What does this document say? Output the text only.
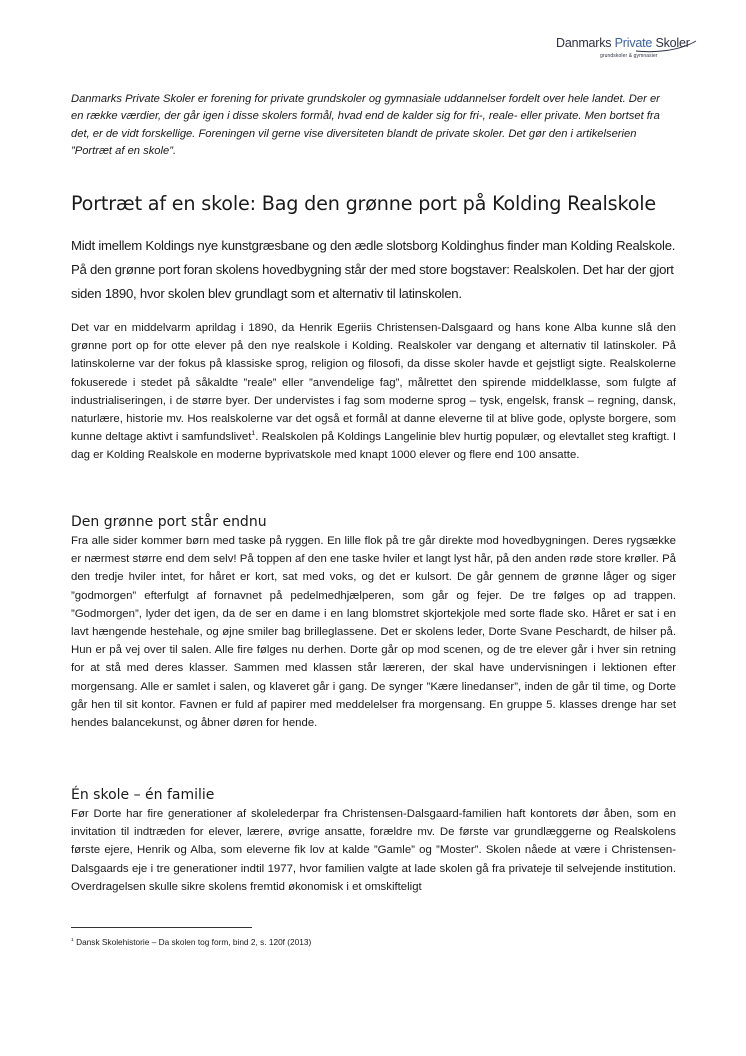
Danmarks Private Skoler
grundskoler & gymnasier

Danmarks Private Skoler er forening for private grundskoler og gymnasiale uddannelser fordelt over hele landet. Der er en række værdier, der går igen i disse skolers formål, hvad end de kalder sig for fri-, reale- eller private. Men bortset fra det, er de vidt forskellige. Foreningen vil gerne vise diversiteten blandt de private skoler. Det gør den i artikelserien ”Portræt af en skole”.

Portræt af en skole: Bag den grønne port på Kolding Realskole

Midt imellem Koldings nye kunstgræsbane og den ædle slotsborg Koldinghus finder man Kolding Realskole. På den grønne port foran skolens hovedbygning står der med store bogstaver: Realskolen. Det har der gjort siden 1890, hvor skolen blev grundlagt som et alternativ til latinskolen.

Det var en middelvarm aprildag i 1890, da Henrik Egeriis Christensen-Dalsgaard og hans kone Alba kunne slå den grønne port op for otte elever på den nye realskole i Kolding. Realskoler var dengang et alternativ til latinskoler. På latinskolerne var der fokus på klassiske sprog, religion og filosofi, da disse skoler havde et gejstligt sigte. Realskolerne fokuserede i stedet på såkaldte ”reale” eller ”anvendelige fag”, målrettet den spirende middelklasse, som fulgte af industrialiseringen, i de større byer. Der undervistes i fag som moderne sprog – tysk, engelsk, fransk – regning, dansk, naturlære, historie mv. Hos realskolerne var det også et formål at danne eleverne til at blive gode, oplyste borgere, som kunne deltage aktivt i samfundslivet$^1$. Realskolen på Koldings Langelinie blev hurtig populær, og elevtallet steg kraftigt. I dag er Kolding Realskole en moderne byprivatskole med knapt 1000 elever og flere end 100 ansatte.

Den grønne port står endnu

Fra alle sider kommer børn med taske på ryggen. En lille flok på tre går direkte mod hovedbygningen. Deres rygsække er nærmest større end dem selv! På toppen af den ene taske hviler et langt lyst hår, på den anden røde store krøller. På den tredje hviler intet, for håret er kort, sat med voks, og det er kulsort. De går gennem de grønne låger og siger ”godmorgen” efterfulgt af fornavnet på pedelmedhjælperen, som går og fejer. De tre følges op ad trappen. ”Godmorgen”, lyder det igen, da de ser en dame i en lang blomstret skjortekjole med sorte flade sko. Håret er sat i en lavt hængende hestehale, og øjne smiler bag brilleglassene. Det er skolens leder, Dorte Svane Peschardt, de hilser på. Hun er på vej over til salen. Alle fire følges nu derhen. Dorte går op mod scenen, og de tre elever går i hver sin retning for at stå med deres klasser. Sammen med klassen står læreren, der skal have undervisningen i lektionen efter morgensang. Alle er samlet i salen, og klaveret går i gang. De synger ”Kære linedanser”, inden de går til time, og Dorte går hen til sit kontor. Favnen er fuld af papirer med meddelelser fra morgensang. En gruppe 5. klasses drenge har set hendes balancekunst, og åbner døren for hende.

Én skole – én familie

Før Dorte har fire generationer af skolelederpar fra Christensen-Dalsgaard-familien haft kontorets dør åben, som en invitation til indtræden for elever, lærere, øvrige ansatte, forældre mv. De første var grundlæggerne og Realskolens første ejere, Henrik og Alba, som eleverne fik lov at kalde ”Gamle” og ”Moster”. Skolen nåede at være i Christensen-Dalsgaards eje i tre generationer indtil 1977, hvor familien valgte at lade skolen gå fra privateje til selvejende institution. Overdragelsen skulle sikre skolens fremtid økonomisk i et omskifteligt

$^1$ Dansk Skolehistorie – Da skolen tog form, bind 2, s. 120f (2013)
